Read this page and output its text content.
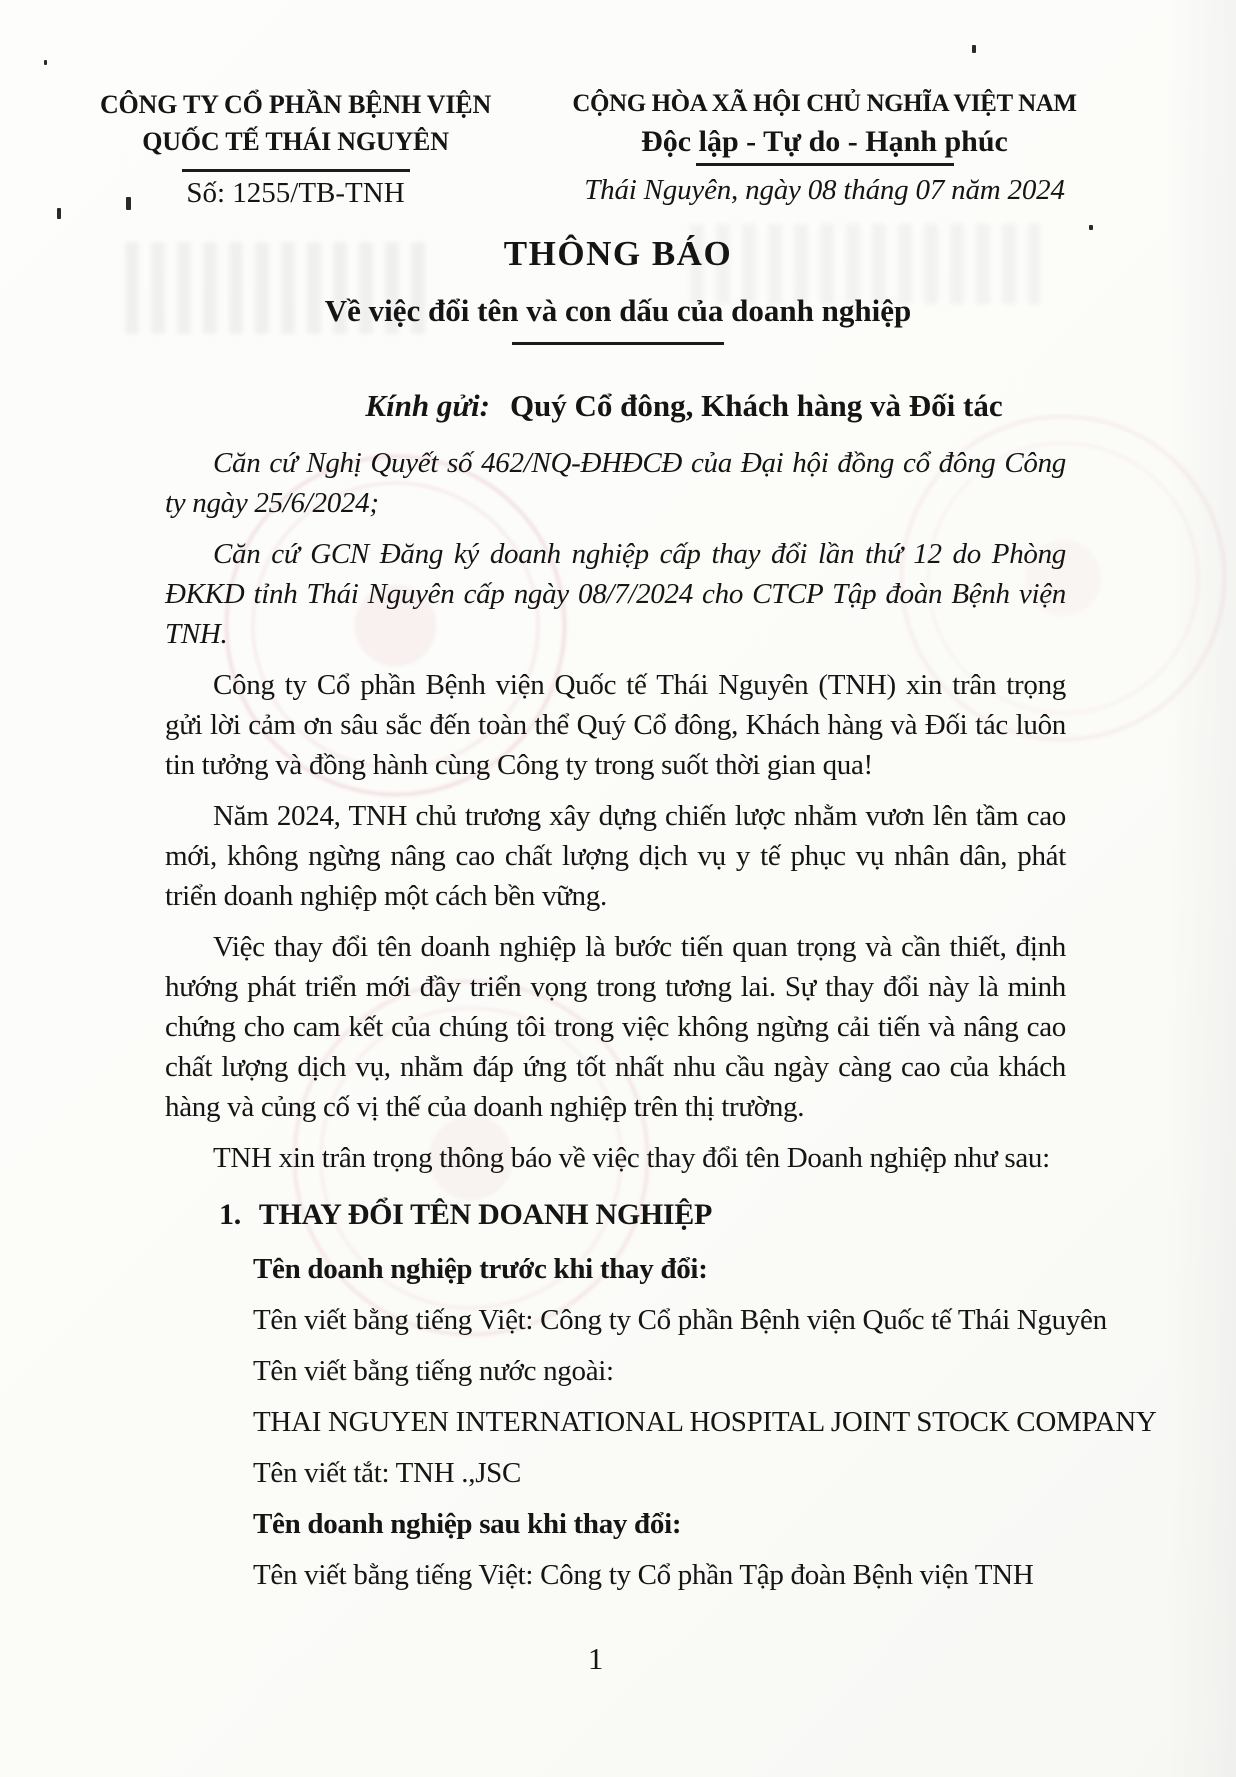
CÔNG TY CỔ PHẦN BỆNH VIỆN
QUỐC TẾ THÁI NGUYÊN
Số: 1255/TB-TNH
CỘNG HÒA XÃ HỘI CHỦ NGHĨA VIỆT NAM
Độc lập - Tự do - Hạnh phúc
Thái Nguyên, ngày 08 tháng 07 năm 2024
THÔNG BÁO
Về việc đổi tên và con dấu của doanh nghiệp
Kính gửi: Quý Cổ đông, Khách hàng và Đối tác

Căn cứ Nghị Quyết số 462/NQ-ĐHĐCĐ của Đại hội đồng cổ đông Công ty ngày 25/6/2024;

Căn cứ GCN Đăng ký doanh nghiệp cấp thay đổi lần thứ 12 do Phòng ĐKKD tỉnh Thái Nguyên cấp ngày 08/7/2024 cho CTCP Tập đoàn Bệnh viện TNH.

Công ty Cổ phần Bệnh viện Quốc tế Thái Nguyên (TNH) xin trân trọng gửi lời cảm ơn sâu sắc đến toàn thể Quý Cổ đông, Khách hàng và Đối tác luôn tin tưởng và đồng hành cùng Công ty trong suốt thời gian qua!

Năm 2024, TNH chủ trương xây dựng chiến lược nhằm vươn lên tầm cao mới, không ngừng nâng cao chất lượng dịch vụ y tế phục vụ nhân dân, phát triển doanh nghiệp một cách bền vững.

Việc thay đổi tên doanh nghiệp là bước tiến quan trọng và cần thiết, định hướng phát triển mới đầy triển vọng trong tương lai. Sự thay đổi này là minh chứng cho cam kết của chúng tôi trong việc không ngừng cải tiến và nâng cao chất lượng dịch vụ, nhằm đáp ứng tốt nhất nhu cầu ngày càng cao của khách hàng và củng cố vị thế của doanh nghiệp trên thị trường.

TNH xin trân trọng thông báo về việc thay đổi tên Doanh nghiệp như sau:

1. THAY ĐỔI TÊN DOANH NGHIỆP

Tên doanh nghiệp trước khi thay đổi:

Tên viết bằng tiếng Việt: Công ty Cổ phần Bệnh viện Quốc tế Thái Nguyên

Tên viết bằng tiếng nước ngoài:

THAI NGUYEN INTERNATIONAL HOSPITAL JOINT STOCK COMPANY

Tên viết tắt: TNH .,JSC

Tên doanh nghiệp sau khi thay đổi:

Tên viết bằng tiếng Việt: Công ty Cổ phần Tập đoàn Bệnh viện TNH

1
